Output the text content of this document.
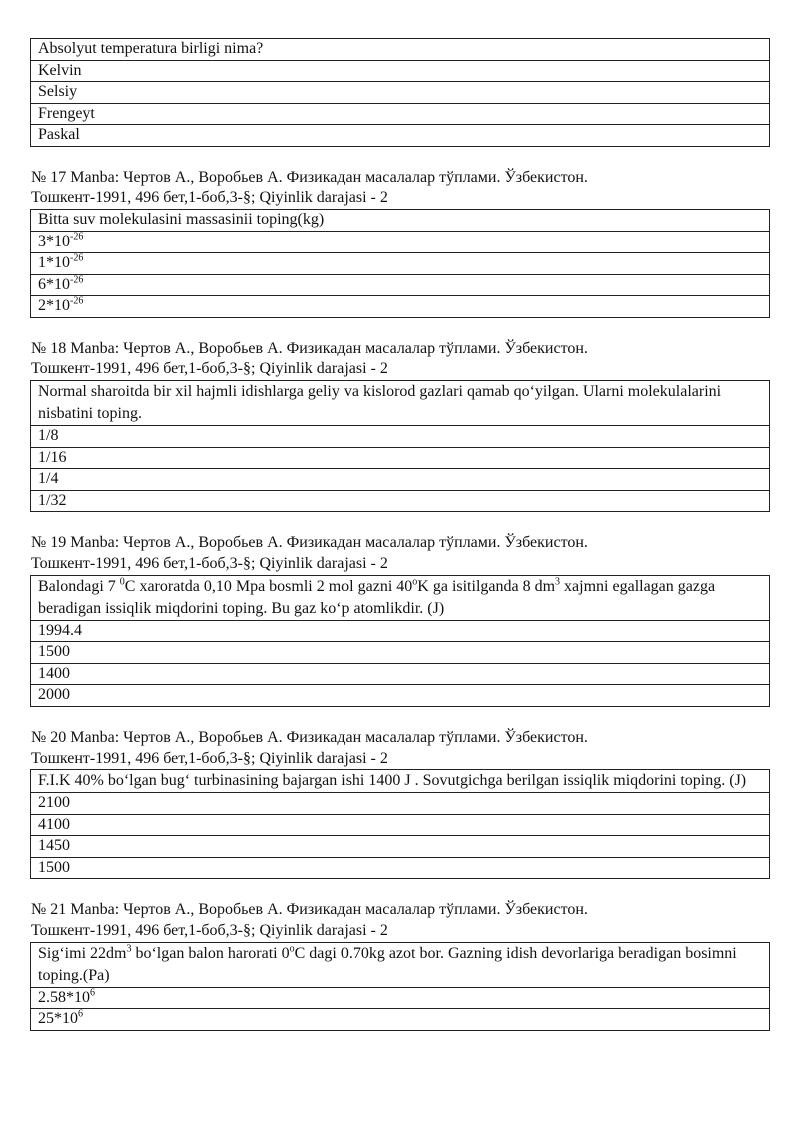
Absolyut temperatura birligi nima?
Kelvin
Selsiy
Frengeyt
Paskal

№ 17 Manba: Чертов А., Воробьев А. Физикадан масалалар тўплами. Ўзбекистон.
Тошкент-1991, 496 бет,1-боб,3-§; Qiyinlik darajasi - 2

Bitta suv molekulasini massasinii toping(kg)
$3*10^{-26}$
$1*10^{-26}$
$6*10^{-26}$
$2*10^{-26}$

№ 18 Manba: Чертов А., Воробьев А. Физикадан масалалар тўплами. Ўзбекистон.
Тошкент-1991, 496 бет,1-боб,3-§; Qiyinlik darajasi - 2

Normal sharoitda bir xil hajmli idishlarga geliy va kislorod gazlari qamab qo‘yilgan. Ularni molekulalarini nisbatini toping.
1/8
1/16
1/4
1/32

№ 19 Manba: Чертов А., Воробьев А. Физикадан масалалар тўплами. Ўзбекистон.
Тошкент-1991, 496 бет,1-боб,3-§; Qiyinlik darajasi - 2

Balondagi 7 $^0$C xaroratda 0,10 Mpa bosmli 2 mol gazni 40$^o$K ga isitilganda 8 $dm^3$ xajmni egallagan gazga beradigan issiqlik miqdorini toping. Bu gaz ko‘p atomlikdir. (J)
1994.4
1500
1400
2000

№ 20 Manba: Чертов А., Воробьев А. Физикадан масалалар тўплами. Ўзбекистон.
Тошкент-1991, 496 бет,1-боб,3-§; Qiyinlik darajasi - 2

F.I.K 40% bo‘lgan bug‘ turbinasining bajargan ishi 1400 J . Sovutgichga berilgan issiqlik miqdorini toping. (J)
2100
4100
1450
1500

№ 21 Manba: Чертов А., Воробьев А. Физикадан масалалар тўплами. Ўзбекистон.
Тошкент-1991, 496 бет,1-боб,3-§; Qiyinlik darajasi - 2

Sig‘imi $22dm^3$ bo‘lgan balon harorati 0$^o$C dagi 0.70kg azot bor. Gazning idish devorlariga beradigan bosimni toping.(Pa)
$2.58*10^6$
$25*10^6$
